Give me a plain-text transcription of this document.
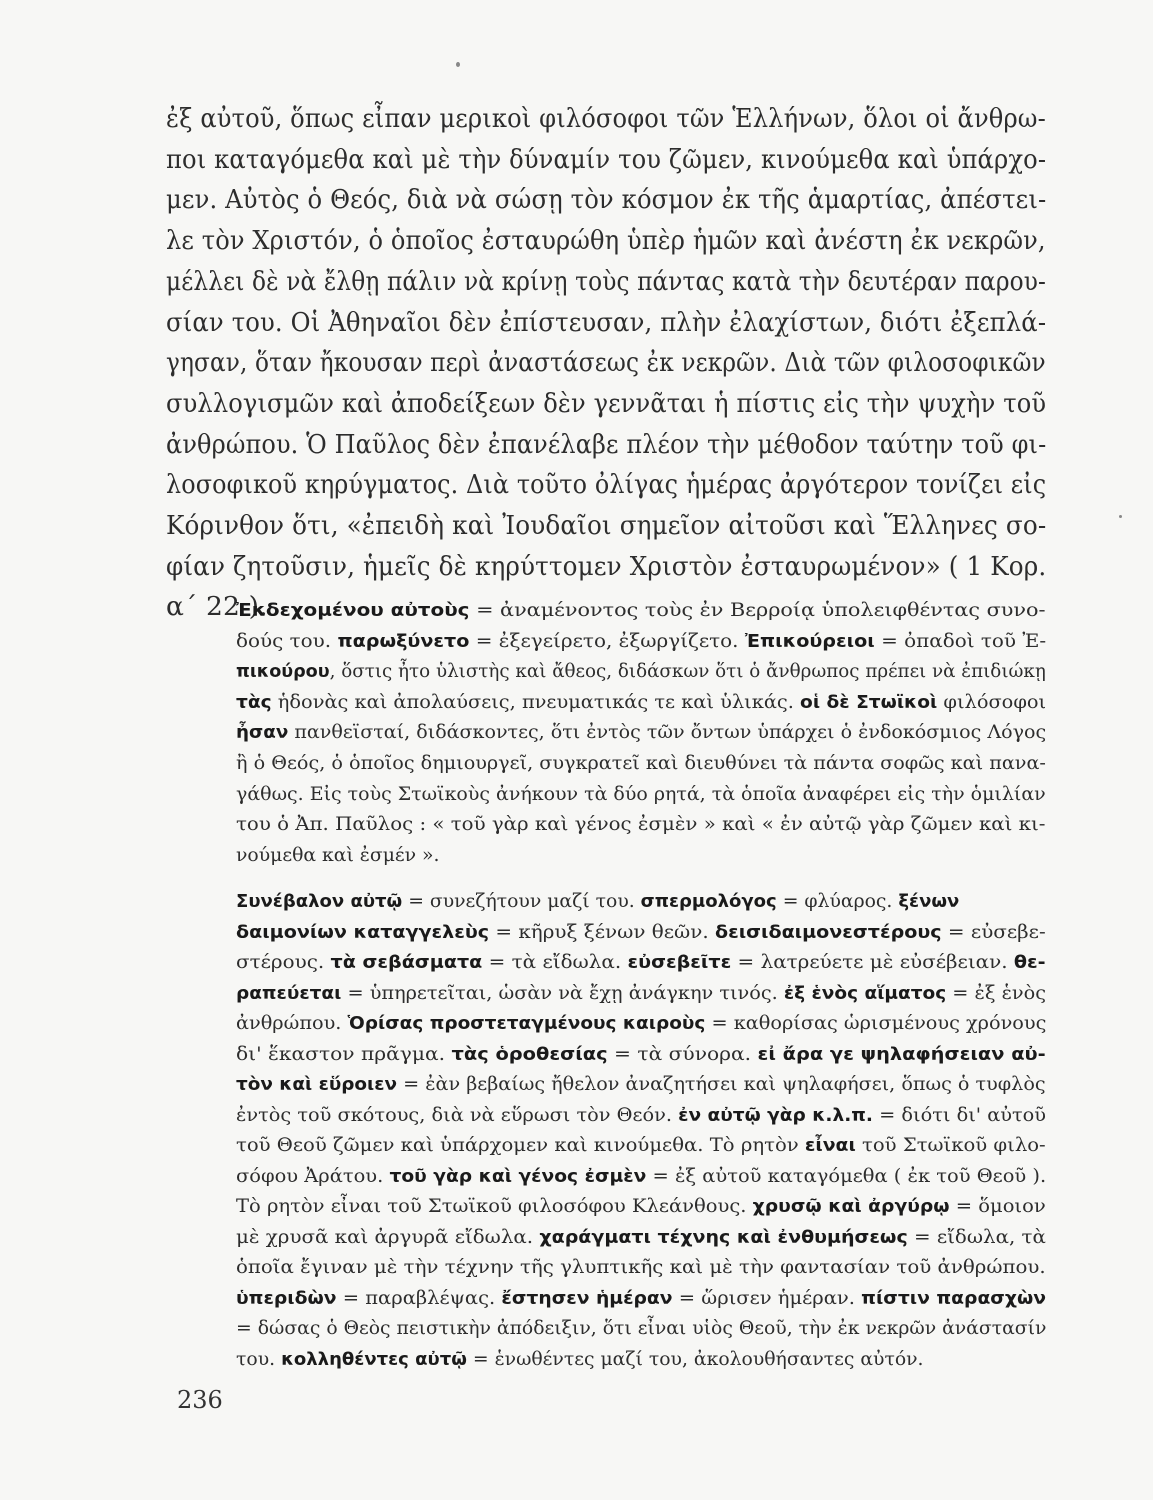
ἐξ αὐτοῦ, ὅπως εἶπαν μερικοὶ φιλόσοφοι τῶν Ἑλλήνων, ὅλοι οἱ ἄνθρω-
ποι καταγόμεθα καὶ μὲ τὴν δύναμίν του ζῶμεν, κινούμεθα καὶ ὑπάρχο-
μεν. Αὐτὸς ὁ Θεός, διὰ νὰ σώσῃ τὸν κόσμον ἐκ τῆς ἁμαρτίας, ἀπέστει-
λε τὸν Χριστόν, ὁ ὁποῖος ἐσταυρώθη ὑπὲρ ἡμῶν καὶ ἀνέστη ἐκ νεκρῶν,
μέλλει δὲ νὰ ἔλθῃ πάλιν νὰ κρίνῃ τοὺς πάντας κατὰ τὴν δευτέραν παρου-
σίαν του. Οἱ Ἀθηναῖοι δὲν ἐπίστευσαν, πλὴν ἐλαχίστων, διότι ἐξεπλά-
γησαν, ὅταν ἤκουσαν περὶ ἀναστάσεως ἐκ νεκρῶν. Διὰ τῶν φιλοσοφικῶν
συλλογισμῶν καὶ ἀποδείξεων δὲν γεννᾶται ἡ πίστις εἰς τὴν ψυχὴν τοῦ
ἀνθρώπου. Ὁ Παῦλος δὲν ἐπανέλαβε πλέον τὴν μέθοδον ταύτην τοῦ φι-
λοσοφικοῦ κηρύγματος. Διὰ τοῦτο ὀλίγας ἡμέρας ἀργότερον τονίζει εἰς
Κόρινθον ὅτι, «ἐπειδὴ καὶ Ἰουδαῖοι σημεῖον αἰτοῦσι καὶ Ἕλληνες σο-
φίαν ζητοῦσιν, ἡμεῖς δὲ κηρύττομεν Χριστὸν ἐσταυρωμένον» ( 1 Κορ.
α΄ 22 ).
Ἐκδεχομένου αὐτοὺς = ἀναμένοντος τοὺς ἐν Βερροίᾳ ὑπολειφθέντας συνο-
δούς του. παρωξύνετο = ἐξεγείρετο, ἐξωργίζετο. Ἐπικούρειοι = ὀπαδοὶ τοῦ Ἐ-
πικούρου, ὅστις ἦτο ὑλιστὴς καὶ ἄθεος, διδάσκων ὅτι ὁ ἄνθρωπος πρέπει νὰ ἐπιδιώκῃ
τὰς ἡδονὰς καὶ ἀπολαύσεις, πνευματικάς τε καὶ ὑλικάς. οἱ δὲ Στωϊκοὶ φιλόσοφοι
ἦσαν πανθεϊσταί, διδάσκοντες, ὅτι ἐντὸς τῶν ὄντων ὑπάρχει ὁ ἐνδοκόσμιος Λόγος
ἢ ὁ Θεός, ὁ ὁποῖος δημιουργεῖ, συγκρατεῖ καὶ διευθύνει τὰ πάντα σοφῶς καὶ πανα-
γάθως. Εἰς τοὺς Στωϊκοὺς ἀνήκουν τὰ δύο ρητά, τὰ ὁποῖα ἀναφέρει εἰς τὴν ὁμιλίαν
του ὁ Ἀπ. Παῦλος : « τοῦ γὰρ καὶ γένος ἐσμὲν » καὶ « ἐν αὐτῷ γὰρ ζῶμεν καὶ κι-
νούμεθα καὶ ἐσμέν ».
Συνέβαλον αὐτῷ = συνεζήτουν μαζί του. σπερμολόγος = φλύαρος. ξένων
δαιμονίων καταγγελεὺς = κῆρυξ ξένων θεῶν. δεισιδαιμονεστέρους = εὐσεβε-
στέρους. τὰ σεβάσματα = τὰ εἴδωλα. εὐσεβεῖτε = λατρεύετε μὲ εὐσέβειαν. θε-
ραπεύεται = ὑπηρετεῖται, ὡσὰν νὰ ἔχῃ ἀνάγκην τινός. ἐξ ἑνὸς αἵματος = ἐξ ἑνὸς
ἀνθρώπου. Ὁρίσας προστεταγμένους καιροὺς = καθορίσας ὡρισμένους χρόνους
δι' ἕκαστον πρᾶγμα. τὰς ὁροθεσίας = τὰ σύνορα. εἰ ἄρα γε ψηλαφήσειαν αὐ-
τὸν καὶ εὕροιεν = ἐὰν βεβαίως ἤθελον ἀναζητήσει καὶ ψηλαφήσει, ὅπως ὁ τυφλὸς
ἐντὸς τοῦ σκότους, διὰ νὰ εὕρωσι τὸν Θεόν. ἐν αὐτῷ γὰρ κ.λ.π. = διότι δι' αὐτοῦ
τοῦ Θεοῦ ζῶμεν καὶ ὑπάρχομεν καὶ κινούμεθα. Τὸ ρητὸν εἶναι τοῦ Στωϊκοῦ φιλο-
σόφου Ἀράτου. τοῦ γὰρ καὶ γένος ἐσμὲν = ἐξ αὐτοῦ καταγόμεθα ( ἐκ τοῦ Θεοῦ ).
Τὸ ρητὸν εἶναι τοῦ Στωϊκοῦ φιλοσόφου Κλεάνθους. χρυσῷ καὶ ἀργύρῳ = ὅμοιον
μὲ χρυσᾶ καὶ ἀργυρᾶ εἴδωλα. χαράγματι τέχνης καὶ ἐνθυμήσεως = εἴδωλα, τὰ
ὁποῖα ἔγιναν μὲ τὴν τέχνην τῆς γλυπτικῆς καὶ μὲ τὴν φαντασίαν τοῦ ἀνθρώπου.
ὑπεριδὼν = παραβλέψας. ἔστησεν ἡμέραν = ὥρισεν ἡμέραν. πίστιν παρασχὼν
= δώσας ὁ Θεὸς πειστικὴν ἀπόδειξιν, ὅτι εἶναι υἱὸς Θεοῦ, τὴν ἐκ νεκρῶν ἀνάστασίν
του. κολληθέντες αὐτῷ = ἑνωθέντες μαζί του, ἀκολουθήσαντες αὐτόν.
236
